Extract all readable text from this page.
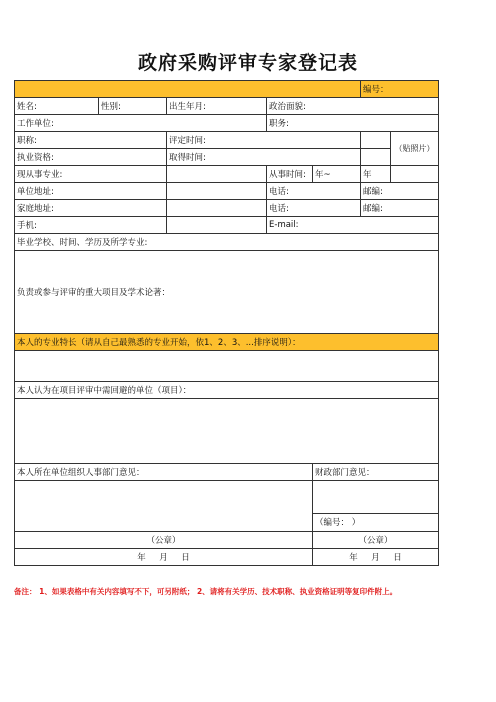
政府采购评审专家登记表
					编号：	
姓名:	性别:	出生年月:	政治面貌:			
工作单位:			职务:			
职称:		评定时间:				（贴照片）
执业资格:		取得时间:				
现从事专业:			从事时间:	年~	年	
单位地址:			电话:		邮编:	
家庭地址:			电话:		邮编:	
手机:			E-mail:			
毕业学校、时间、学历及所学专业:						
负责或参与评审的重大项目及学术论著：						
本人的专业特长（请从自己最熟悉的专业开始，依1、2、3、...排序说明）：						

本人认为在项目评审中需回避的单位（项目）：						

本人所在单位组织人事部门意见：				财政部门意见：		

				（编号： ）		
（公章）				（公章）		
年     月     日				年     月     日		
备注： 1、如果表格中有关内容填写不下，可另附纸； 2、请将有关学历、技术职称、执业资格证明等复印件附上。
